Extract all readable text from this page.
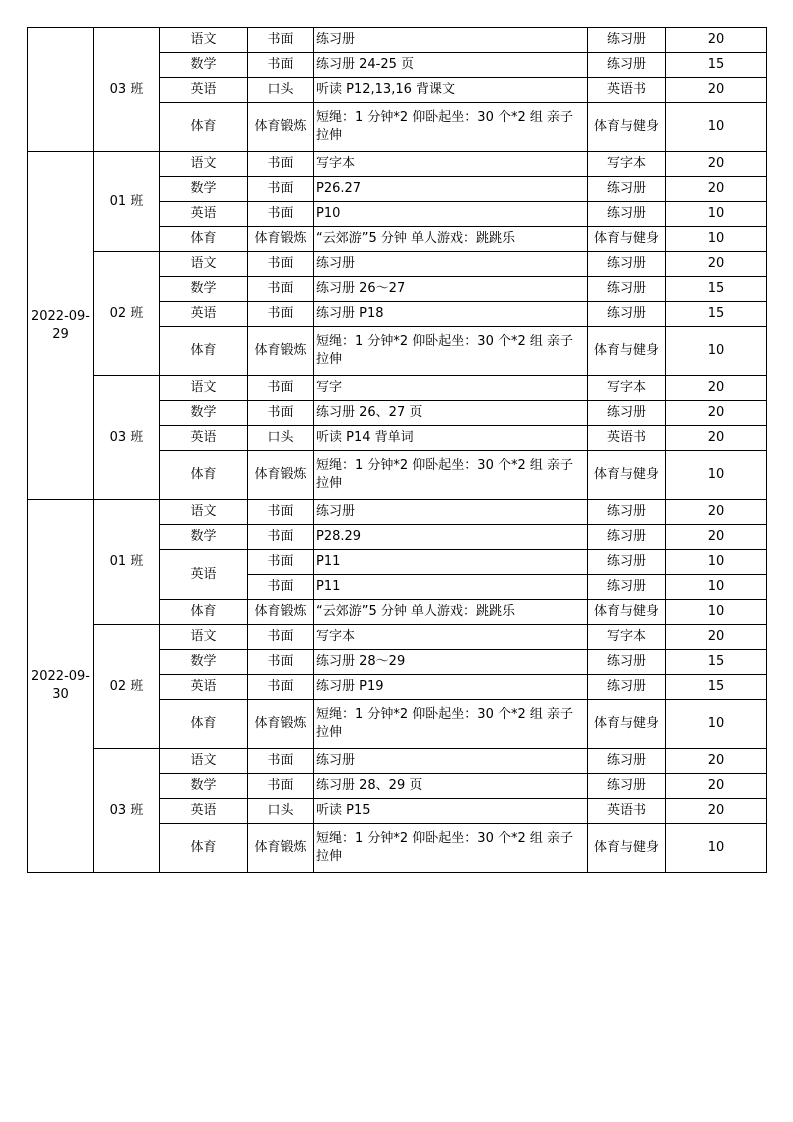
	03 班	语文	书面	练习册	练习册	20
		数学	书面	练习册 24-25 页	练习册	15
		英语	口头	听读 P12,13,16 背课文	英语书	20
		体育	体育锻炼	短绳：1 分钟*2 仰卧起坐：30 个*2 组 亲子拉伸	体育与健身	10
2022-09-29	01 班	语文	书面	写字本	写字本	20
		数学	书面	P26.27	练习册	20
		英语	书面	P10	练习册	10
		体育	体育锻炼	“云郊游”5 分钟 单人游戏：跳跳乐	体育与健身	10
	02 班	语文	书面	练习册	练习册	20
		数学	书面	练习册 26～27	练习册	15
		英语	书面	练习册 P18	练习册	15
		体育	体育锻炼	短绳：1 分钟*2 仰卧起坐：30 个*2 组 亲子拉伸	体育与健身	10
	03 班	语文	书面	写字	写字本	20
		数学	书面	练习册 26、27 页	练习册	20
		英语	口头	听读 P14 背单词	英语书	20
		体育	体育锻炼	短绳：1 分钟*2 仰卧起坐：30 个*2 组 亲子拉伸	体育与健身	10
2022-09-30	01 班	语文	书面	练习册	练习册	20
		数学	书面	P28.29	练习册	20
		英语	书面	P11	练习册	10
			书面	P11	练习册	10
		体育	体育锻炼	“云郊游”5 分钟 单人游戏：跳跳乐	体育与健身	10
	02 班	语文	书面	写字本	写字本	20
		数学	书面	练习册 28～29	练习册	15
		英语	书面	练习册 P19	练习册	15
		体育	体育锻炼	短绳：1 分钟*2 仰卧起坐：30 个*2 组 亲子拉伸	体育与健身	10
	03 班	语文	书面	练习册	练习册	20
		数学	书面	练习册 28、29 页	练习册	20
		英语	口头	听读 P15	英语书	20
		体育	体育锻炼	短绳：1 分钟*2 仰卧起坐：30 个*2 组 亲子拉伸	体育与健身	10
